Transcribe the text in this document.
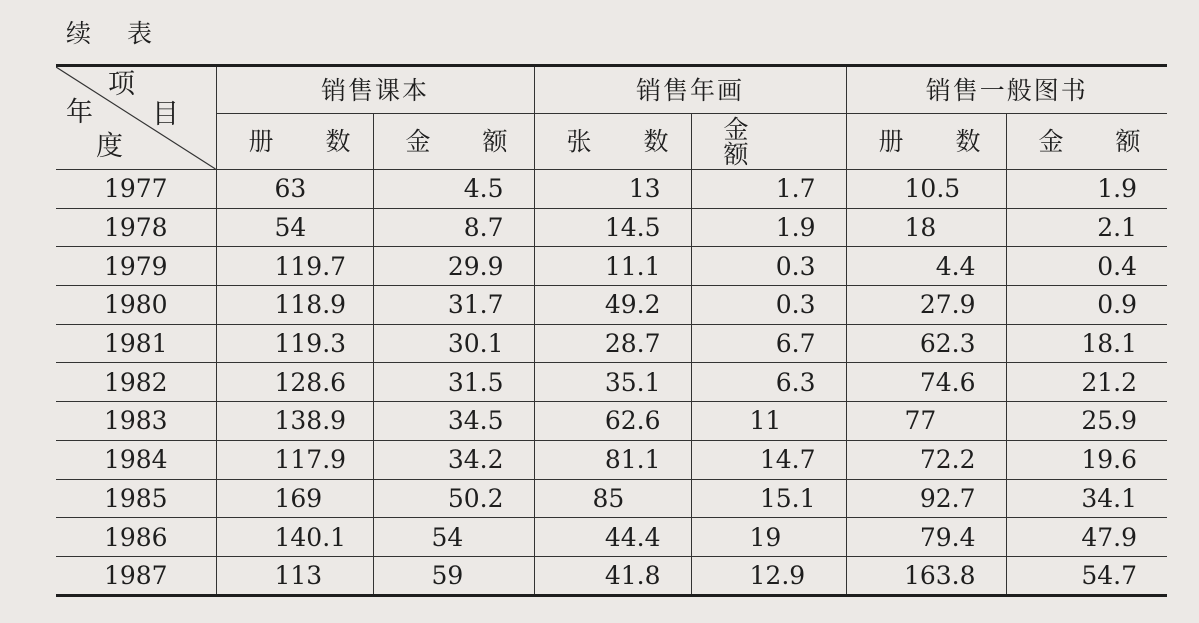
续 表
项
目
年
度	销售课本		销售年画		销售一般图书	
	册 数	金 额	张 数	金 额	册 数	金 额
1977	63	4.5	13	1.7	10.5	1.9
1978	54	8.7	14.5	1.9	18	2.1
1979	119.7	29.9	11.1	0.3	4.4	0.4
1980	118.9	31.7	49.2	0.3	27.9	0.9
1981	119.3	30.1	28.7	6.7	62.3	18.1
1982	128.6	31.5	35.1	6.3	74.6	21.2
1983	138.9	34.5	62.6	11	77	25.9
1984	117.9	34.2	81.1	14.7	72.2	19.6
1985	169	50.2	85	15.1	92.7	34.1
1986	140.1	54	44.4	19	79.4	47.9
1987	113	59	41.8	12.9	163.8	54.7
